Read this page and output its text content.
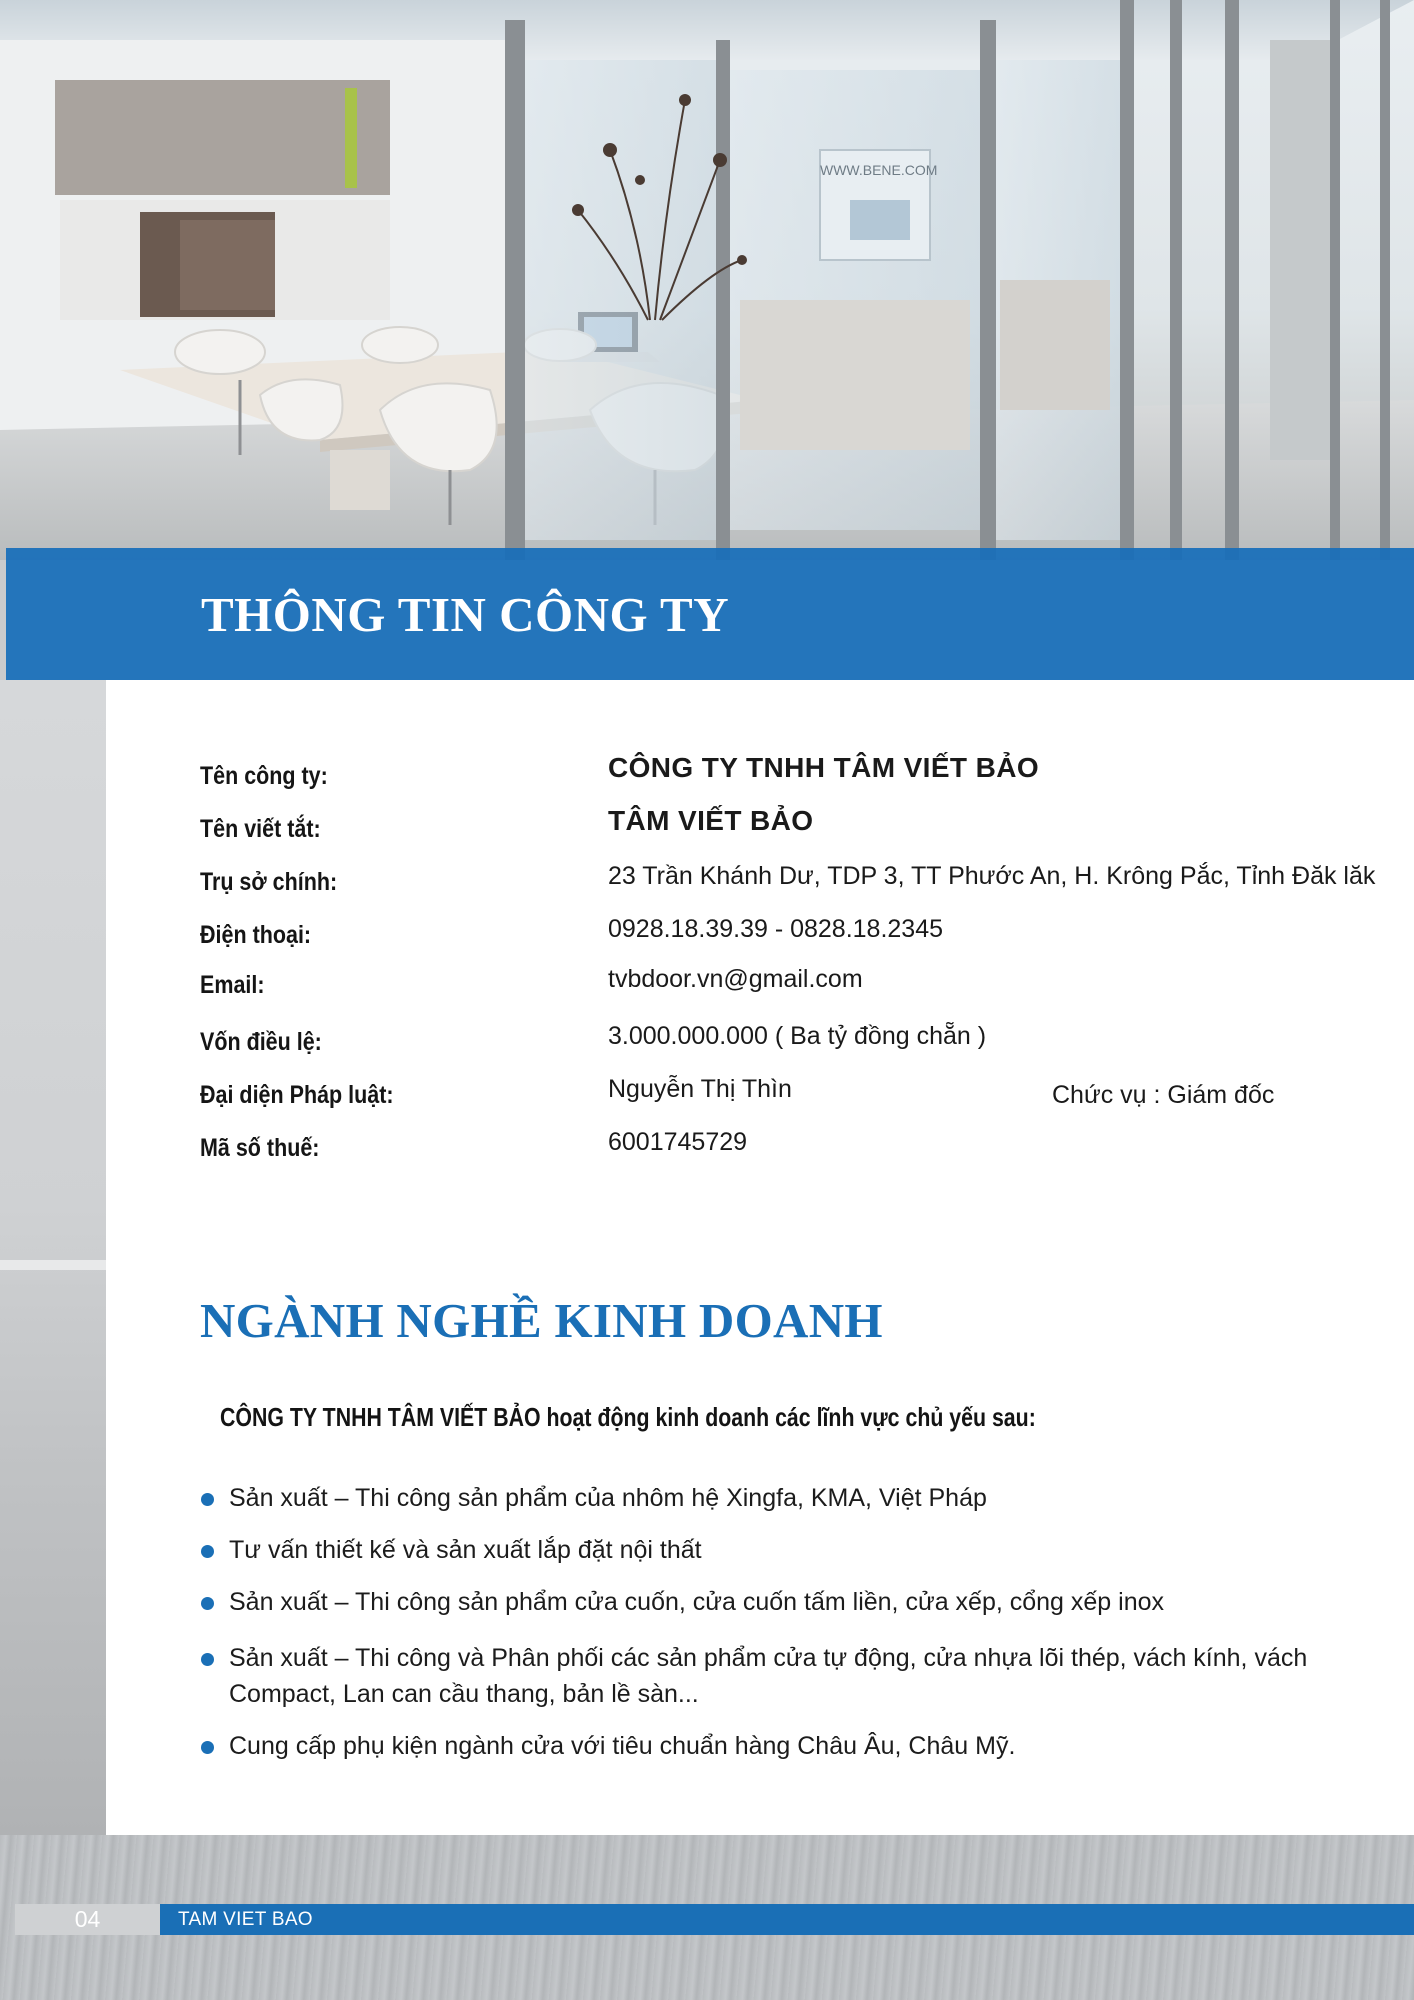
WWW.BENE.COM
THÔNG TIN CÔNG TY
Tên công ty:	CÔNG TY TNHH TÂM VIẾT BẢO
Tên viết tắt:	TÂM VIẾT BẢO
Trụ sở chính:	23 Trần Khánh Dư, TDP 3, TT Phước An, H. Krông Pắc, Tỉnh Đăk lăk
Điện thoại:	0928.18.39.39 - 0828.18.2345
Email:	tvbdoor.vn@gmail.com
Vốn điều lệ:	3.000.000.000 ( Ba tỷ đồng chẵn )
Đại diện Pháp luật:	Nguyễn Thị Thìn	Chức vụ : Giám đốc
Mã số thuế:	6001745729
NGÀNH NGHỀ KINH DOANH
CÔNG TY TNHH TÂM VIẾT BẢO hoạt động kinh doanh các lĩnh vực chủ yếu sau:
Sản xuất – Thi công sản phẩm của nhôm hệ Xingfa, KMA, Việt Pháp
Tư vấn thiết kế và sản xuất lắp đặt nội thất
Sản xuất – Thi công sản phẩm cửa cuốn, cửa cuốn tấm liền, cửa xếp, cổng xếp inox
Sản xuất – Thi công và Phân phối các sản phẩm cửa tự động, cửa nhựa lõi thép, vách kính, vách Compact, Lan can cầu thang, bản lề sàn...
Cung cấp phụ kiện ngành cửa với tiêu chuẩn hàng Châu Âu, Châu Mỹ.
04	TAM VIET BAO
